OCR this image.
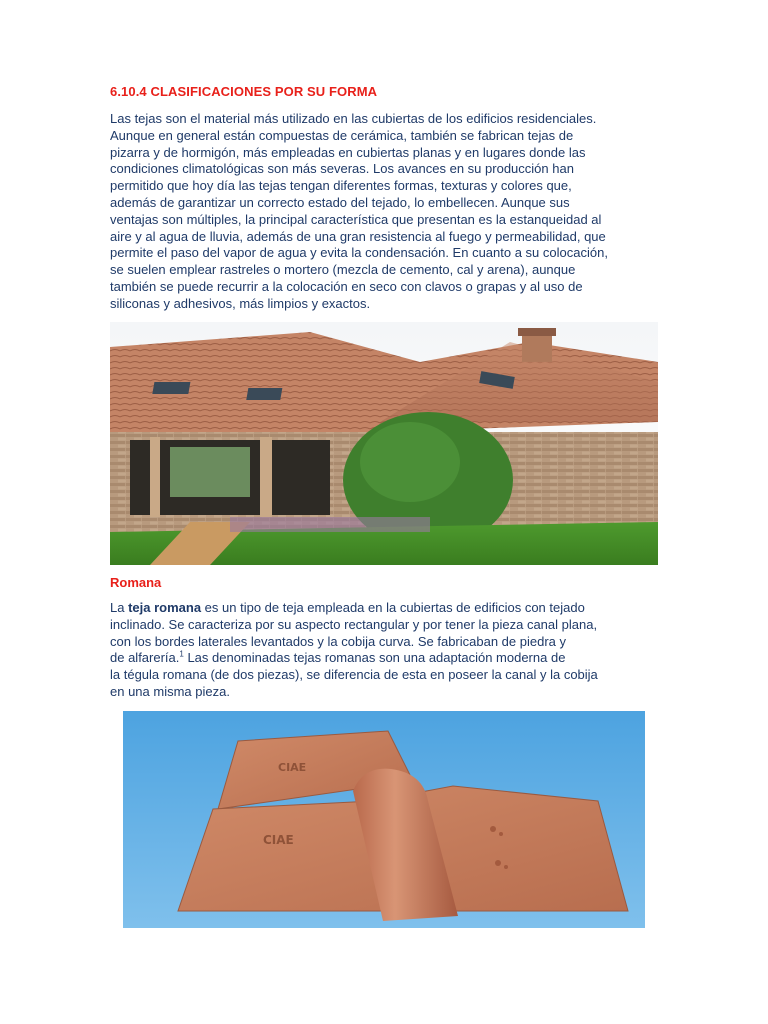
6.10.4 CLASIFICACIONES POR SU FORMA
Las tejas son el material más utilizado en las cubiertas de los edificios residenciales.
Aunque en general están compuestas de cerámica, también se fabrican tejas de
pizarra y de hormigón, más empleadas en cubiertas planas y en lugares donde las
condiciones climatológicas son más severas. Los avances en su producción han
permitido que hoy día las tejas tengan diferentes formas, texturas y colores que,
además de garantizar un correcto estado del tejado, lo embellecen. Aunque sus
ventajas son múltiples, la principal característica que presentan es la estanqueidad al
aire y al agua de lluvia, además de una gran resistencia al fuego y permeabilidad, que
permite el paso del vapor de agua y evita la condensación. En cuanto a su colocación,
se suelen emplear rastreles o mortero (mezcla de cemento, cal y arena), aunque
también se puede recurrir a la colocación en seco con clavos o grapas y al uso de
siliconas y adhesivos, más limpios y exactos.
Romana
La teja romana es un tipo de teja empleada en la cubiertas de edificios con tejado
inclinado. Se caracteriza por su aspecto rectangular y por tener la pieza canal plana,
con los bordes laterales levantados y la cobija curva. Se fabricaban de piedra y
de alfarería.$^1$ Las denominadas tejas romanas son una adaptación moderna de
la tégula romana (de dos piezas), se diferencia de esta en poseer la canal y la cobija
en una misma pieza.
CIAE
CIAE
